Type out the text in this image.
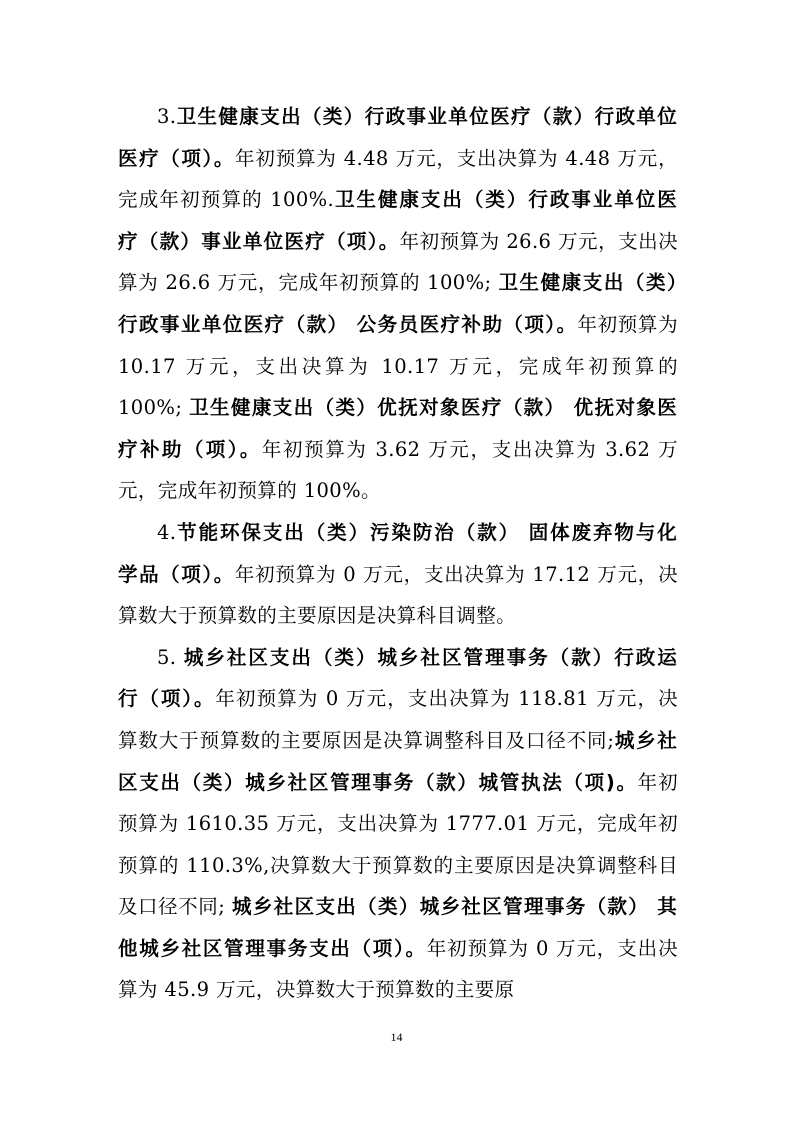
3.卫生健康支出（类）行政事业单位医疗（款）行政单位医疗（项）。年初预算为 4.48 万元，支出决算为 4.48 万元，完成年初预算的 100%.卫生健康支出（类）行政事业单位医疗（款）事业单位医疗（项）。年初预算为 26.6 万元，支出决算为 26.6 万元，完成年初预算的 100%; 卫生健康支出（类）行政事业单位医疗（款） 公务员医疗补助（项）。年初预算为 10.17 万元，支出决算为 10.17 万元，完成年初预算的 100%; 卫生健康支出（类）优抚对象医疗（款） 优抚对象医疗补助（项）。年初预算为 3.62 万元，支出决算为 3.62 万元，完成年初预算的 100%。

4.节能环保支出（类）污染防治（款） 固体废弃物与化学品（项）。年初预算为 0 万元，支出决算为 17.12 万元，决算数大于预算数的主要原因是决算科目调整。

5. 城乡社区支出（类）城乡社区管理事务（款）行政运行（项）。年初预算为 0 万元，支出决算为 118.81 万元，决算数大于预算数的主要原因是决算调整科目及口径不同;城乡社区支出（类）城乡社区管理事务（款）城管执法（项)。年初预算为 1610.35 万元，支出决算为 1777.01 万元，完成年初预算的 110.3%,决算数大于预算数的主要原因是决算调整科目及口径不同; 城乡社区支出（类）城乡社区管理事务（款） 其他城乡社区管理事务支出（项）。年初预算为 0 万元，支出决算为 45.9 万元，决算数大于预算数的主要原

14
